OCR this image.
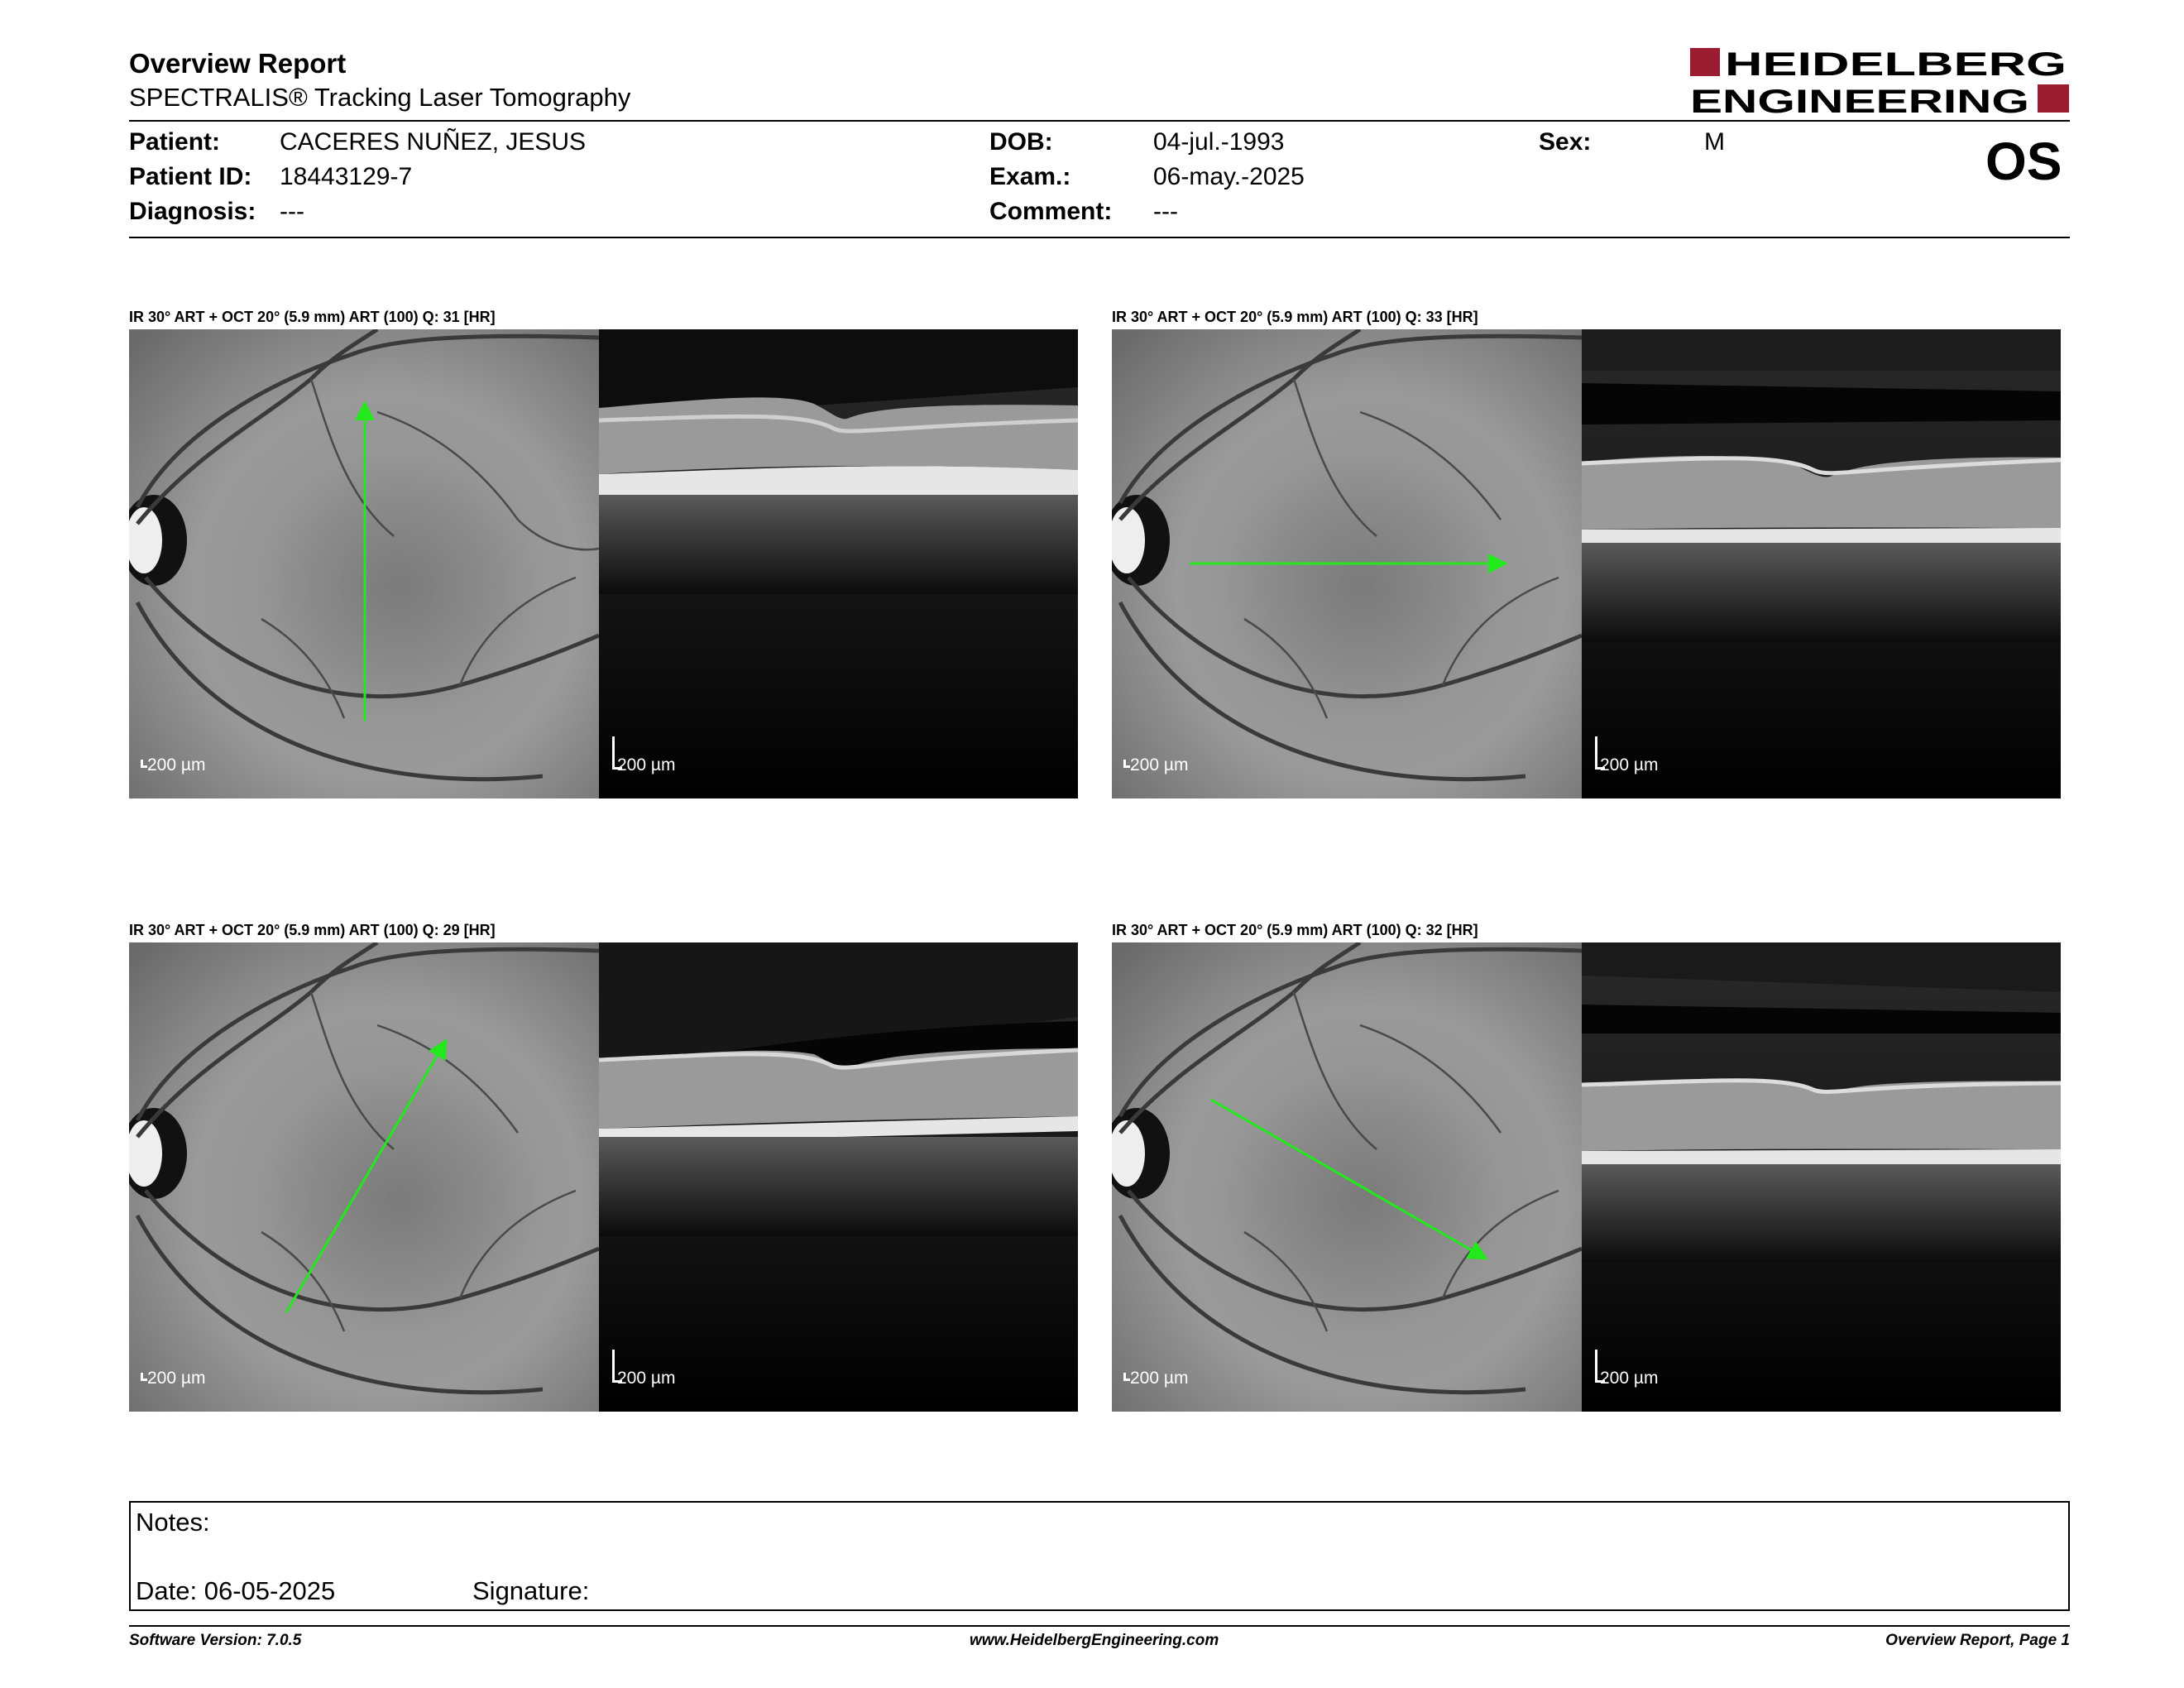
Overview Report
SPECTRALIS® Tracking Laser Tomography
HEIDELBERG
ENGINEERING
Patient: CACERES NUÑEZ, JESUS
Patient ID: 18443129-7
Diagnosis: ---
DOB:	04-jul.-1993
Exam.:	06-may.-2025
Comment: ---
Sex:	M	OS
IR 30° ART + OCT 20° (5.9 mm) ART (100) Q: 31 [HR]
200 µm	200 µm
IR 30° ART + OCT 20° (5.9 mm) ART (100) Q: 33 [HR]
200 µm	200 µm
IR 30° ART + OCT 20° (5.9 mm) ART (100) Q: 29 [HR]
200 µm	200 µm
IR 30° ART + OCT 20° (5.9 mm) ART (100) Q: 32 [HR]
200 µm	200 µm
Notes:
Date: 06-05-2025	Signature:
Software Version: 7.0.5	www.HeidelbergEngineering.com	Overview Report, Page 1
